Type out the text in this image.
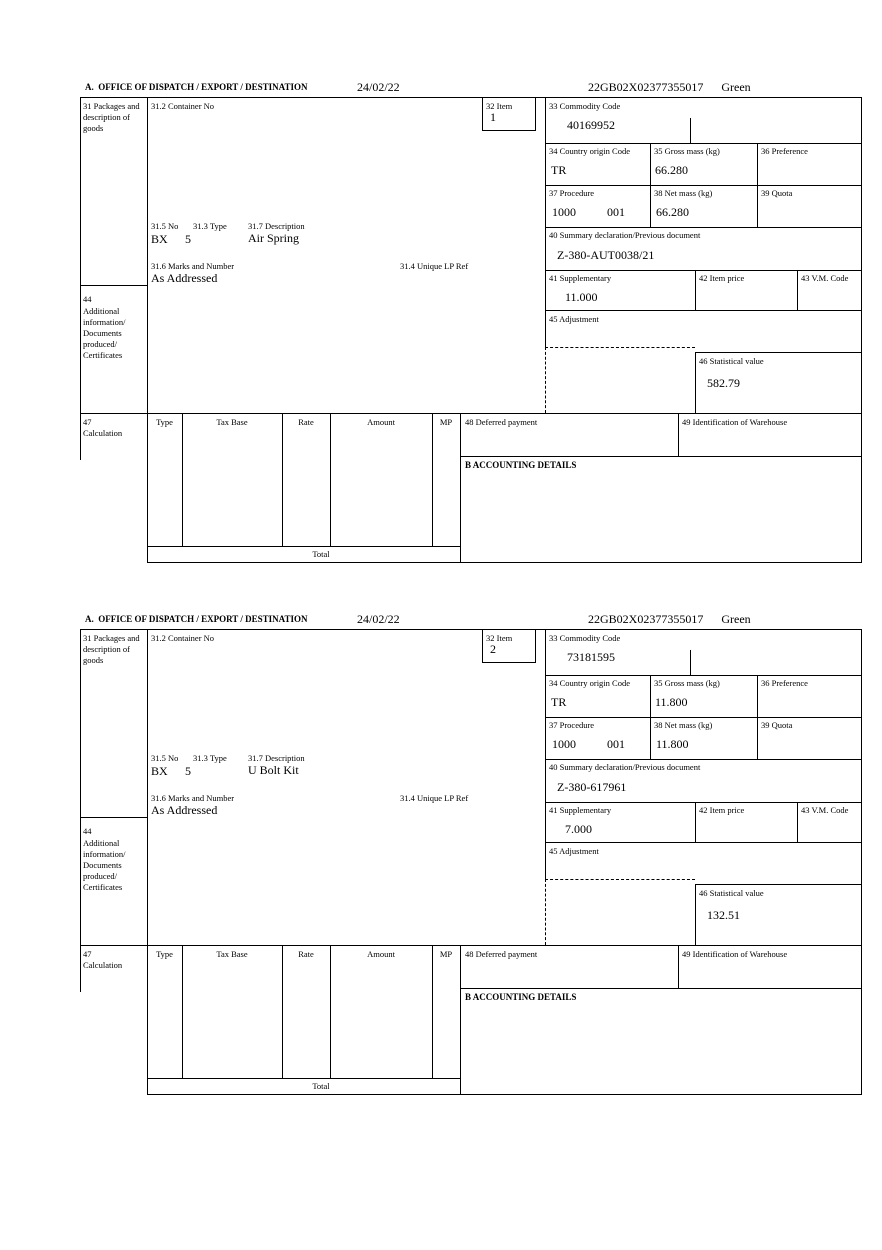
A.  OFFICE OF DISPATCH / EXPORT / DESTINATION	24/02/22	22GB02X02377355017 Green
31 Packages and description of goods
44
Additional information/ Documents produced/ Certificates
47
Calculation
31.2 Container No	32 Item
1
31.5 No 31.3 Type	31.7 Description
BX 5	Air Spring
31.6 Marks and Number	31.4 Unique LP Ref
As Addressed
33 Commodity Code
40169952
34 Country origin Code
TR
35 Gross mass (kg)
66.280
36 Preference
37 Procedure
1000	001
38 Net mass (kg)
66.280
39 Quota
40 Summary declaration/Previous document
Z-380-AUT0038/21
41 Supplementary
11.000
42 Item price	43 V.M. Code
45 Adjustment
46 Statistical value
582.79
Type	Tax Base	Rate	Amount	MP
Total
48 Deferred payment	49 Identification of Warehouse
B ACCOUNTING DETAILS
A.  OFFICE OF DISPATCH / EXPORT / DESTINATION	24/02/22	22GB02X02377355017 Green
31 Packages and description of goods
44
Additional information/ Documents produced/ Certificates
47
Calculation
31.2 Container No	32 Item
2
31.5 No 31.3 Type	31.7 Description
BX 5	U Bolt Kit
31.6 Marks and Number	31.4 Unique LP Ref
As Addressed
33 Commodity Code
73181595
34 Country origin Code
TR
35 Gross mass (kg)
11.800
36 Preference
37 Procedure
1000	001
38 Net mass (kg)
11.800
39 Quota
40 Summary declaration/Previous document
Z-380-617961
41 Supplementary
7.000
42 Item price	43 V.M. Code
45 Adjustment
46 Statistical value
132.51
Type	Tax Base	Rate	Amount	MP
Total
48 Deferred payment	49 Identification of Warehouse
B ACCOUNTING DETAILS
